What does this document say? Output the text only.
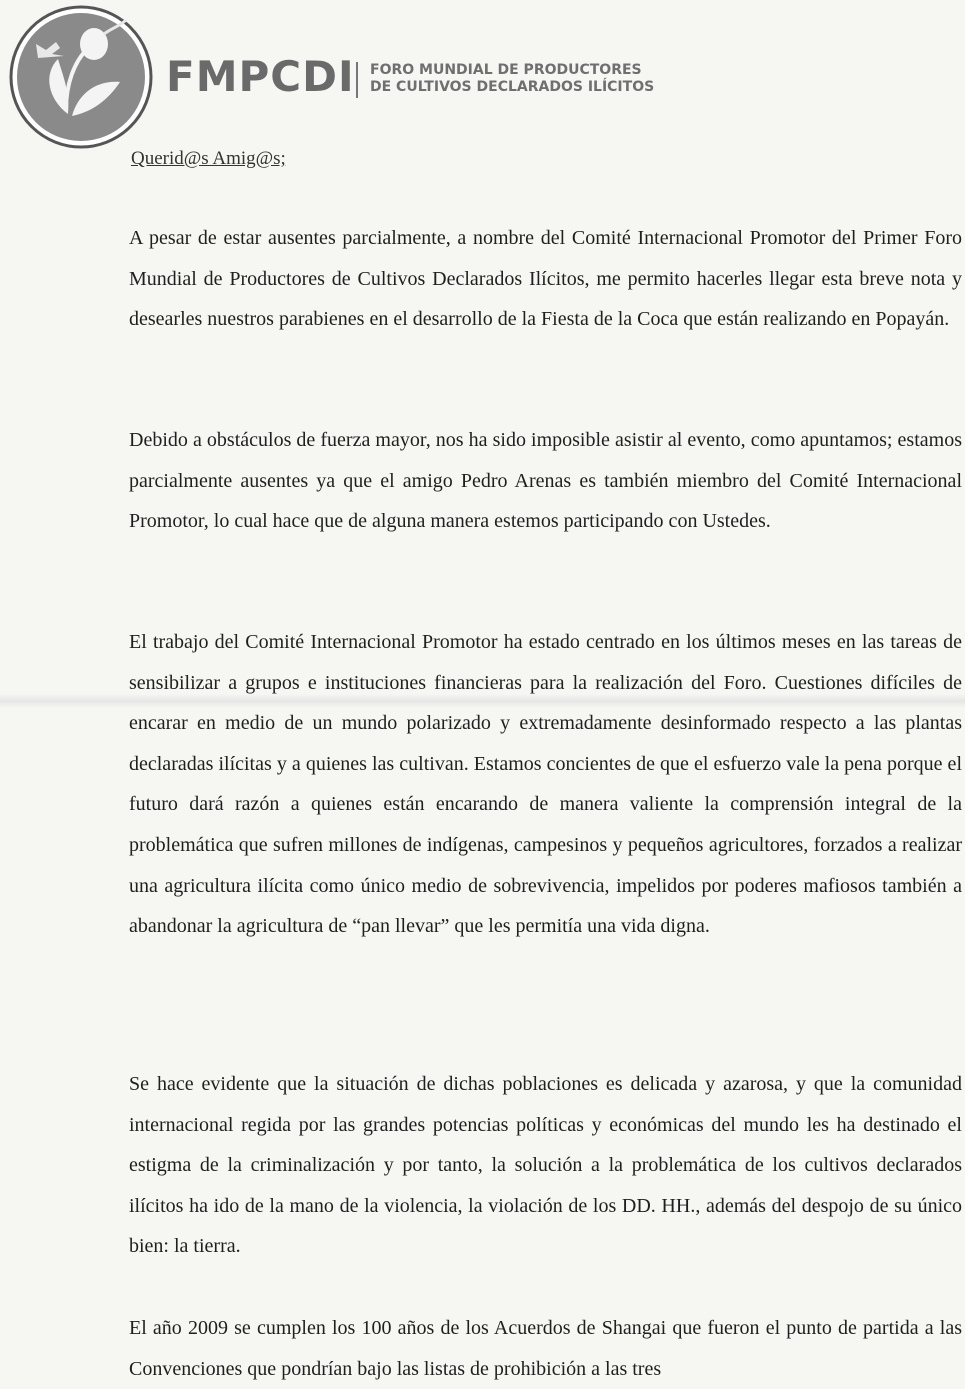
FMPCDI FORO MUNDIAL DE PRODUCTORES
DE CULTIVOS DECLARADOS ILÍCITOS
Querid@s Amig@s;

A pesar de estar ausentes parcialmente, a nombre del Comité Internacional Promotor del Primer Foro Mundial de Productores de Cultivos Declarados Ilícitos, me permito hacerles llegar esta breve nota y desearles nuestros parabienes en el desarrollo de la Fiesta de la Coca que están realizando en Popayán.

Debido a obstáculos de fuerza mayor, nos ha sido imposible asistir al evento, como apuntamos; estamos parcialmente ausentes ya que el amigo Pedro Arenas es también miembro del Comité Internacional Promotor, lo cual hace que de alguna manera estemos participando con Ustedes.

El trabajo del Comité Internacional Promotor ha estado centrado en los últimos meses en las tareas de sensibilizar a grupos e instituciones financieras para la realización del Foro. Cuestiones difíciles de encarar en medio de un mundo polarizado y extremadamente desinformado respecto a las plantas declaradas ilícitas y a quienes las cultivan. Estamos concientes de que el esfuerzo vale la pena porque el futuro dará razón a quienes están encarando de manera valiente la comprensión integral de la problemática que sufren millones de indígenas, campesinos y pequeños agricultores, forzados a realizar una agricultura ilícita como único medio de sobrevivencia, impelidos por poderes mafiosos también a abandonar la agricultura de “pan llevar” que les permitía una vida digna.

Se hace evidente que la situación de dichas poblaciones es delicada y azarosa, y que la comunidad internacional regida por las grandes potencias políticas y económicas del mundo les ha destinado el estigma de la criminalización y por tanto, la solución a la problemática de los cultivos declarados ilícitos ha ido de la mano de la violencia, la violación de los DD. HH., además del despojo de su único bien: la tierra.

El año 2009 se cumplen los 100 años de los Acuerdos de Shangai que fueron el punto de partida a las Convenciones que pondrían bajo las listas de prohibición a las tres
